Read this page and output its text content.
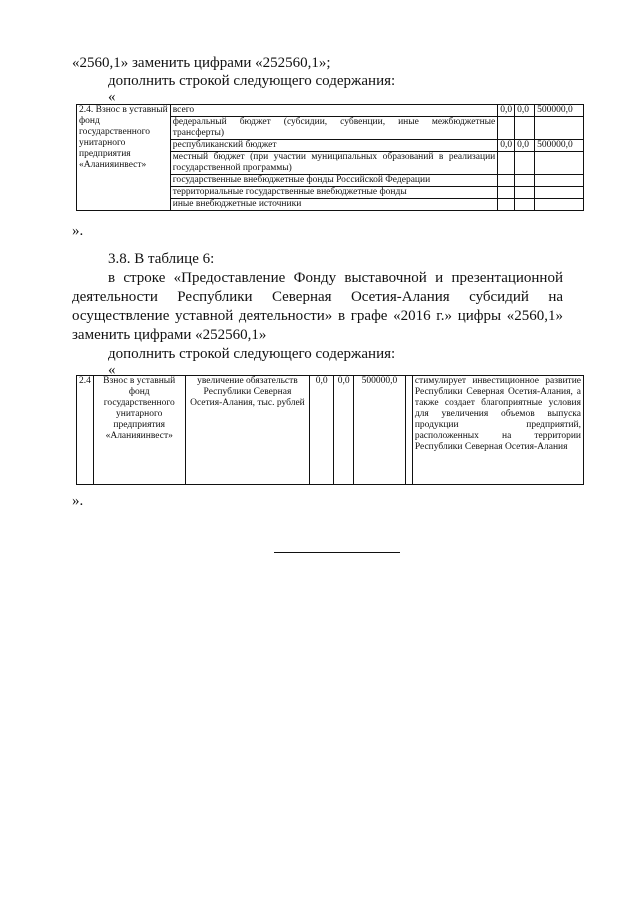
«2560,1» заменить цифрами «252560,1»;
дополнить строкой следующего содержания:
«
2.4. Взнос в уставный фонд государственного унитарного предприятия «Аланияинвест»	всего	0,0	0,0	500000,0
	федеральный бюджет (субсидии, субвенции, иные межбюджетные трансферты)			
	республиканский бюджет	0,0	0,0	500000,0
	местный бюджет (при участии муниципальных образований в реализации государственной программы)			
	государственные внебюджетные фонды Российской Федерации			
	территориальные государственные внебюджетные фонды			
	иные внебюджетные источники			
».
3.8. В таблице 6:
в строке «Предоставление Фонду выставочной и презентационной
деятельности Республики Северная Осетия-Алания субсидий на
осуществление уставной деятельности» в графе «2016 г.» цифры «2560,1»
заменить цифрами «252560,1»
дополнить строкой следующего содержания:
«
2.4	Взнос в уставный фонд государственного унитарного предприятия «Аланияинвест»	увеличение обязательств Республики Северная Осетия-Алания, тыс. рублей	0,0	0,0	500000,0		стимулирует инвестиционное развитие Республики Северная Осетия-Алания, а также создает благоприятные условия для увеличения объемов выпуска продукции предприятий, расположенных на территории Республики Северная Осетия-Алания
».
